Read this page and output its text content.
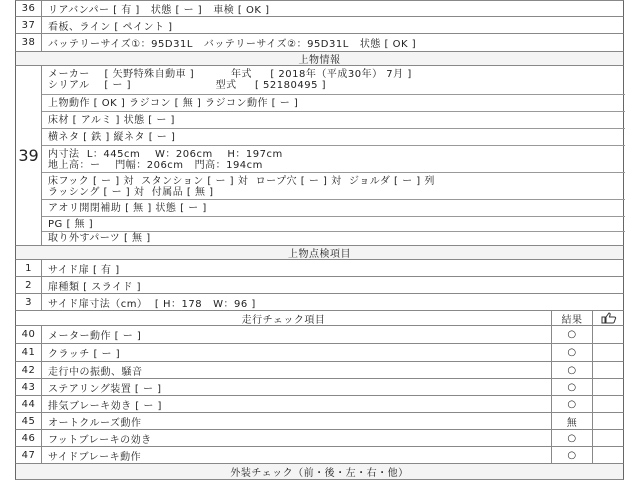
36	リアバンパー [ 有 ]   状態 [ ー ]   車検 [ OK ]
37	看板、ライン [ ペイント ]
38	バッテリーサイズ①：95D31L   バッテリーサイズ②：95D31L   状態 [ OK ]
上物情報
39
メーカー    [ 矢野特殊自動車 ]          年式     [ 2018年（平成30年） 7月 ]
シリアル    [ ー ]                       型式     [ 52180495 ]
上物動作 [ OK ] ラジコン [ 無 ] ラジコン動作 [ ー ]
床材 [ アルミ ] 状態 [ ー ]
横ネタ [ 鉄 ] 縦ネタ [ ー ]
内寸法  L：445cm    W：206cm    H：197cm
地上高：ー    門幅：206cm   門高：194cm
床フック [ ー ] 対  スタンション [ ー ] 対  ロープ穴 [ ー ] 対  ジョルダ [ ー ] 列
ラッシング [ ー ] 対  付属品 [ 無 ]
アオリ開閉補助 [ 無 ] 状態 [ ー ]
PG [ 無 ]
取り外すパーツ [ 無 ]
上物点検項目
1	サイド扉 [ 有 ]
2	扉種類 [ スライド ]
3	サイド扉寸法（cm）  [ H：178   W：96 ]
走行チェック項目	結果
40	メーター動作 [ ー ]	○
41	クラッチ [ ー ]	○
42	走行中の振動、騒音	○
43	ステアリング装置 [ ー ]	○
44	排気ブレーキ効き [ ー ]	○
45	オートクルーズ動作	無
46	フットブレーキの効き	○
47	サイドブレーキ動作	○
外装チェック（前・後・左・右・他）
